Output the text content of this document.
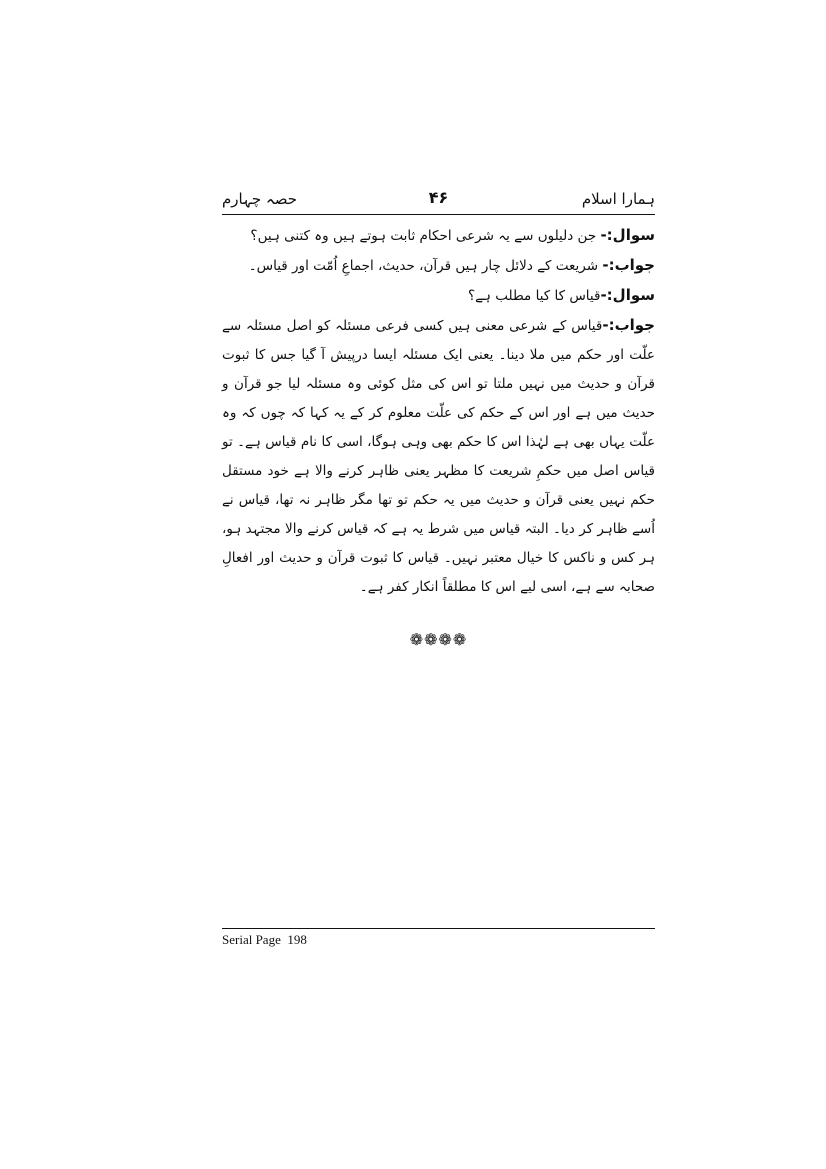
ہمارا اسلام
۴۶
حصہ چہارم

سوال:- جن دلیلوں سے یہ شرعی احکام ثابت ہوتے ہیں وہ کتنی ہیں؟

جواب:- شریعت کے دلائل چار ہیں قرآن، حدیث، اجماعِ اُمّت اور قیاس۔

سوال:-قیاس کا کیا مطلب ہے؟

جواب:-قیاس کے شرعی معنی ہیں کسی فرعی مسئلہ کو اصل مسئلہ سے علّت اور حکم میں ملا دینا۔ یعنی ایک مسئلہ ایسا درپیش آ گیا جس کا ثبوت قرآن و حدیث میں نہیں ملتا تو اس کی مثل کوئی وہ مسئلہ لیا جو قرآن و حدیث میں ہے اور اس کے حکم کی علّت معلوم کر کے یہ کہا کہ چوں کہ وہ علّت یہاں بھی ہے لہٰذا اس کا حکم بھی وہی ہوگا، اسی کا نام قیاس ہے۔ تو قیاس اصل میں حکمِ شریعت کا مظہر یعنی ظاہر کرنے والا ہے خود مستقل حکم نہیں یعنی قرآن و حدیث میں یہ حکم تو تھا مگر ظاہر نہ تھا، قیاس نے اُسے ظاہر کر دیا۔ البتہ قیاس میں شرط یہ ہے کہ قیاس کرنے والا مجتہد ہو، ہر کس و ناکس کا خیال معتبر نہیں۔ قیاس کا ثبوت قرآن و حدیث اور افعالِ صحابہ سے ہے، اسی لیے اس کا مطلقاً انکار کفر ہے۔

❁❁❁❁
Serial Page 198
